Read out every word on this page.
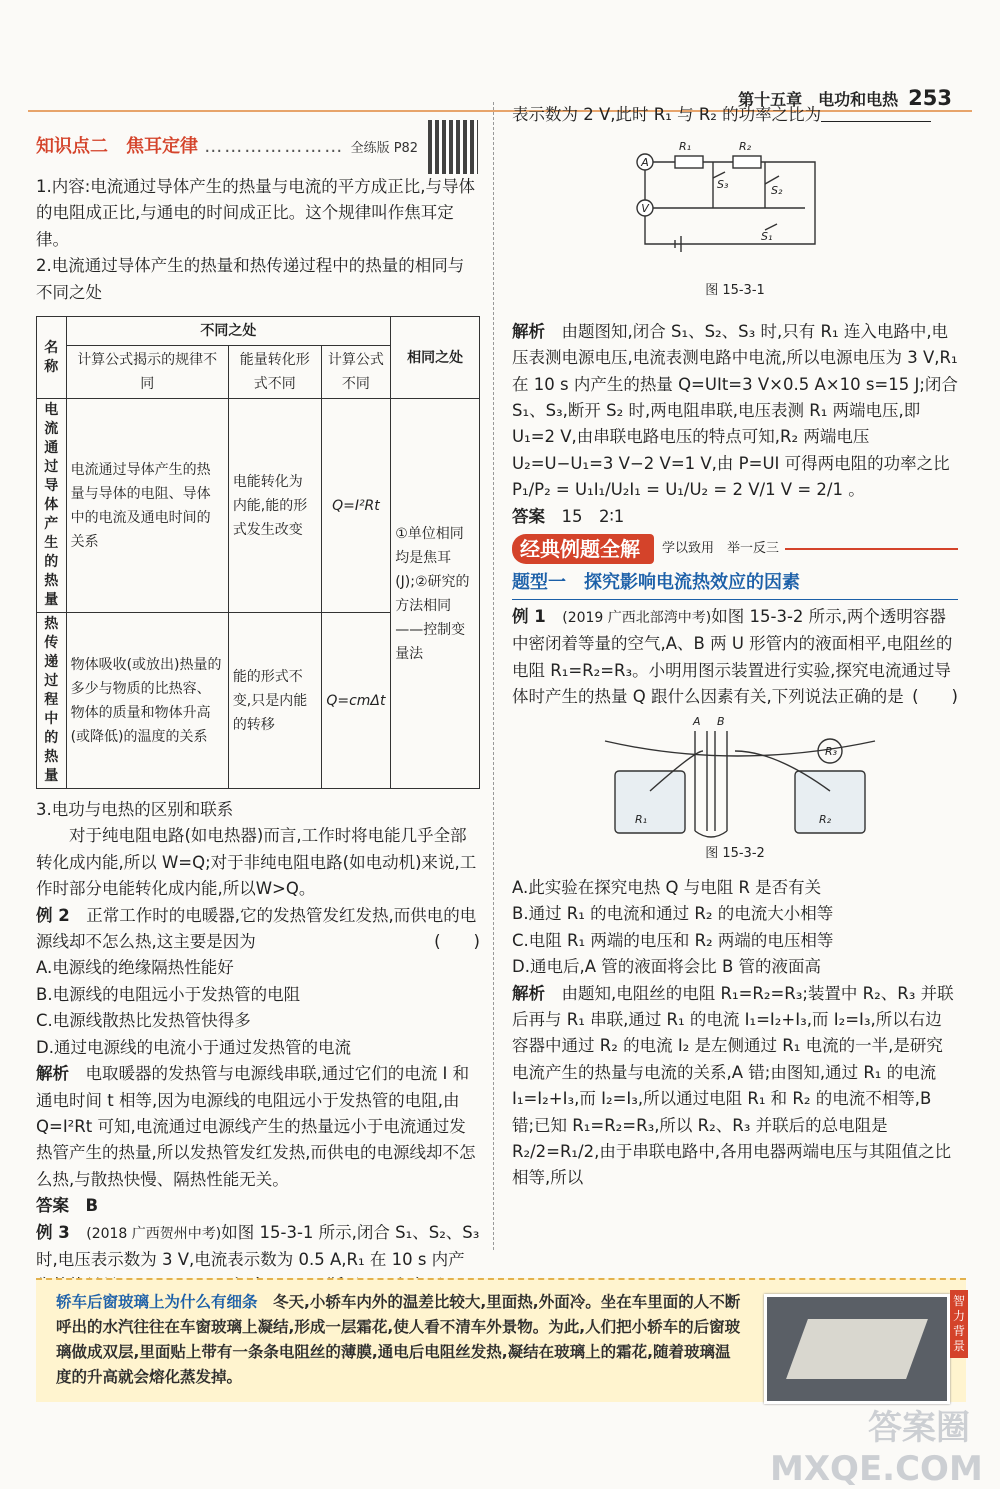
第十五章　电功和电热 253
知识点二　焦耳定律 ………………… 全练版 P82

1.内容:电流通过导体产生的热量与电流的平方成正比,与导体的电阻成正比,与通电的时间成正比。这个规律叫作焦耳定律。

2.电流通过导体产生的热量和热传递过程中的热量的相同与不同之处

名称	不同之处			相同之处
	计算公式揭示的规律不同	能量转化形式不同	计算公式不同	
电流通过导体产生的热量	电流通过导体产生的热量与导体的电阻、导体中的电流及通电时间的关系	电能转化为内能,能的形式发生改变	Q=I²Rt	①单位相同均是焦耳(J);②研究的方法相同——控制变量法
热传递过程中的热量	物体吸收(或放出)热量的多少与物质的比热容、物体的质量和物体升高(或降低)的温度的关系	能的形式不变,只是内能的转移	Q=cmΔt	

3.电功与电热的区别和联系

对于纯电阻电路(如电热器)而言,工作时将电能几乎全部转化成内能,所以 W=Q;对于非纯电阻电路(如电动机)来说,工作时部分电能转化成内能,所以W>Q。

例 2　 正常工作时的电暖器,它的发热管发红发热,而供电的电源线却不怎么热,这主要是因为	(　　)

A.电源线的绝缘隔热性能好

B.电源线的电阻远小于发热管的电阻

C.电源线散热比发热管快得多

D.通过电源线的电流小于通过发热管的电流

解析　 电取暖器的发热管与电源线串联,通过它们的电流 I 和通电时间 t 相等,因为电源线的电阻远小于发热管的电阻,由 Q=I²Rt 可知,电流通过电源线产生的热量远小于电流通过发热管产生的热量,所以发热管发红发热,而供电的电源线却不怎么热,与散热快慢、隔热性能无关。

答案　 B

例 3　 (2018 广西贺州中考)如图 15-3-1 所示,闭合 S₁、S₂、S₃ 时,电压表示数为 3 V,电流表示数为 0.5 A,R₁ 在 10 s 内产

表示数为 2 V,此时 R₁ 与 R₂ 的功率之比为

A
V
R₁	R₂
S₃	S₂
S₁
图 15-3-1

解析　 由题图知,闭合 S₁、S₂、S₃ 时,只有 R₁ 连入电路中,电压表测电源电压,电流表测电路中电流,所以电源电压为 3 V,R₁ 在 10 s 内产生的热量 Q=UIt=3 V×0.5 A×10 s=15 J;闭合 S₁、S₃,断开 S₂ 时,两电阻串联,电压表测 R₁ 两端电压,即 U₁=2 V,由串联电路电压的特点可知,R₂ 两端电压 U₂=U−U₁=3 V−2 V=1 V,由 P=UI 可得两电阻的功率之比

P₁/P₂ = U₁I₁/U₂I₁ = U₁/U₂ = 2 V/1 V = 2/1 。

答案　 15　2∶1

经典例题全解	学以致用　举一反三
题型一　探究影响电流热效应的因素

例 1　 (2019 广西北部湾中考)如图 15-3-2 所示,两个透明容器中密闭着等量的空气,A、B 两 U 形管内的液面相平,电阻丝的电阻 R₁=R₂=R₃。小明用图示装置进行实验,探究电流通过导体时产生的热量 Q 跟什么因素有关,下列说法正确的是 (　　)

A B
R₁	R₂
R₃
图 15-3-2

A.此实验在探究电热 Q 与电阻 R 是否有关

B.通过 R₁ 的电流和通过 R₂ 的电流大小相等

C.电阻 R₁ 两端的电压和 R₂ 两端的电压相等

D.通电后,A 管的液面将会比 B 管的液面高

解析　 由题知,电阻丝的电阻 R₁=R₂=R₃;装置中 R₂、R₃ 并联后再与 R₁ 串联,通过 R₁ 的电流 I₁=I₂+I₃,而 I₂=I₃,所以右边容器中通过 R₂ 的电流 I₂ 是左侧通过 R₁ 电流的一半,是研究电流产生的热量与电流的关系,A 错;由图知,通过 R₁ 的电流 I₁=I₂+I₃,而 I₂=I₃,所以通过电阻 R₁ 和 R₂ 的电流不相等,B 错;已知 R₁=R₂=R₃,所以 R₂、R₃ 并联后的总电阻是 R₂/2=R₁/2,由于串联电路中,各用电器两端电压与其阻值之比相等,所以

轿车后窗玻璃上为什么有细条　 冬天,小轿车内外的温差比较大,里面热,外面冷。坐在车里面的人不断呼出的水汽往往在车窗玻璃上凝结,形成一层霜花,使人看不清车外景物。为此,人们把小轿车的后窗玻璃做成双层,里面贴上带有一条条电阻丝的薄膜,通电后电阻丝发热,凝结在玻璃上的霜花,随着玻璃温度的升高就会熔化蒸发掉。
智力背景
答案圈 MXQE.COM
